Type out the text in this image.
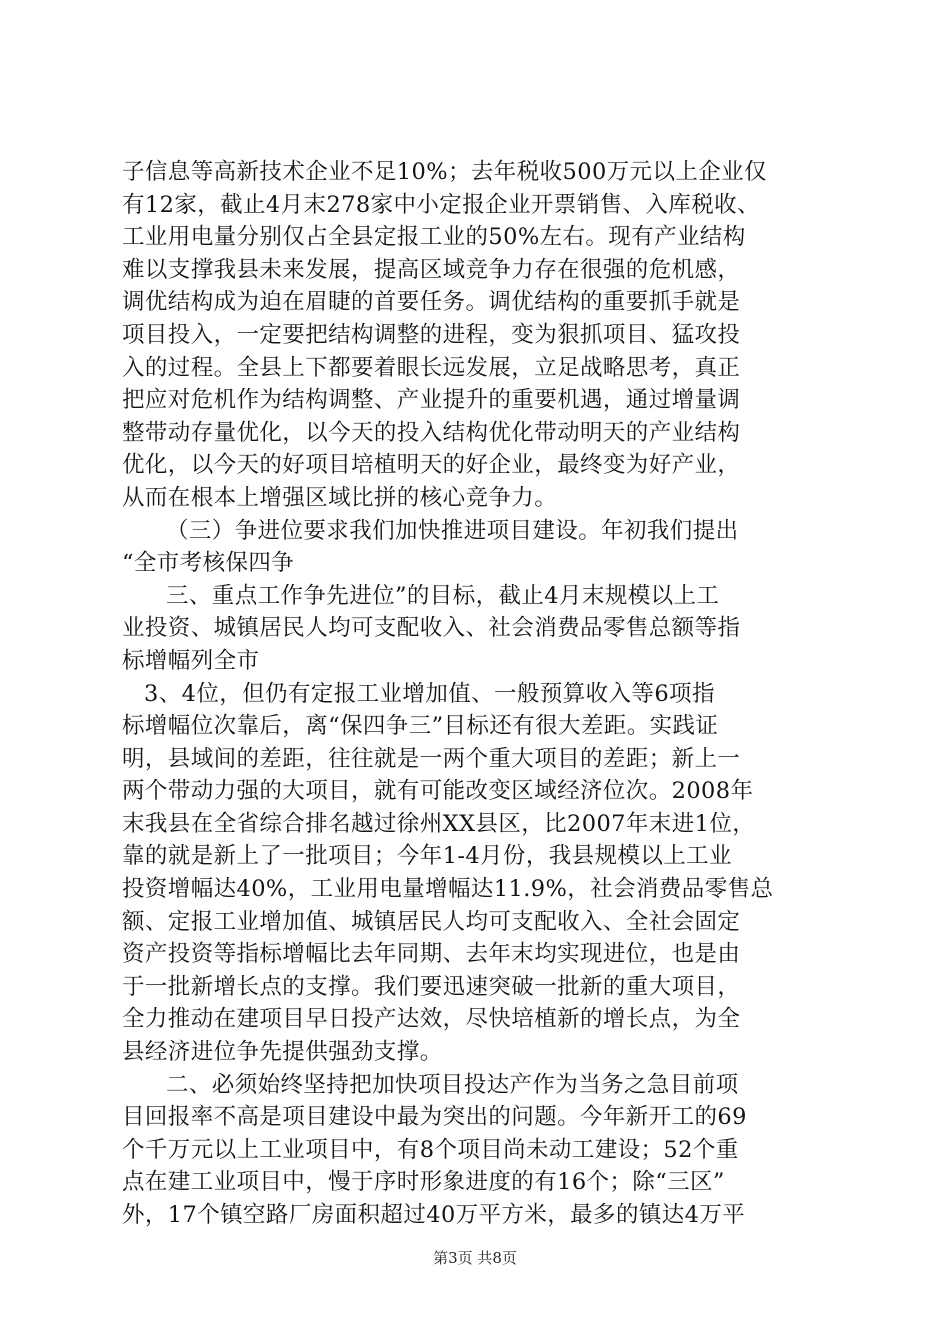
子信息等高新技术企业不足10%；去年税收500万元以上企业仅
有12家，截止4月末278家中小定报企业开票销售、入库税收、
工业用电量分别仅占全县定报工业的50%左右。现有产业结构
难以支撑我县未来发展，提高区域竞争力存在很强的危机感，
调优结构成为迫在眉睫的首要任务。调优结构的重要抓手就是
项目投入，一定要把结构调整的进程，变为狠抓项目、猛攻投
入的过程。全县上下都要着眼长远发展，立足战略思考，真正
把应对危机作为结构调整、产业提升的重要机遇，通过增量调
整带动存量优化，以今天的投入结构优化带动明天的产业结构
优化，以今天的好项目培植明天的好企业，最终变为好产业，
从而在根本上增强区域比拼的核心竞争力。
（三）争进位要求我们加快推进项目建设。年初我们提出
“全市考核保四争
三、重点工作争先进位”的目标，截止4月末规模以上工
业投资、城镇居民人均可支配收入、社会消费品零售总额等指
标增幅列全市
3、4位，但仍有定报工业增加值、一般预算收入等6项指
标增幅位次靠后，离“保四争三”目标还有很大差距。实践证
明，县域间的差距，往往就是一两个重大项目的差距；新上一
两个带动力强的大项目，就有可能改变区域经济位次。2008年
末我县在全省综合排名越过徐州XX县区，比2007年末进1位，
靠的就是新上了一批项目；今年1-4月份，我县规模以上工业
投资增幅达40%，工业用电量增幅达11.9%，社会消费品零售总
额、定报工业增加值、城镇居民人均可支配收入、全社会固定
资产投资等指标增幅比去年同期、去年末均实现进位，也是由
于一批新增长点的支撑。我们要迅速突破一批新的重大项目，
全力推动在建项目早日投产达效，尽快培植新的增长点，为全
县经济进位争先提供强劲支撑。
二、必须始终坚持把加快项目投达产作为当务之急目前项
目回报率不高是项目建设中最为突出的问题。今年新开工的69
个千万元以上工业项目中，有8个项目尚未动工建设；52个重
点在建工业项目中，慢于序时形象进度的有16个；除“三区”
外，17个镇空路厂房面积超过40万平方米，最多的镇达4万平
第3页 共8页
